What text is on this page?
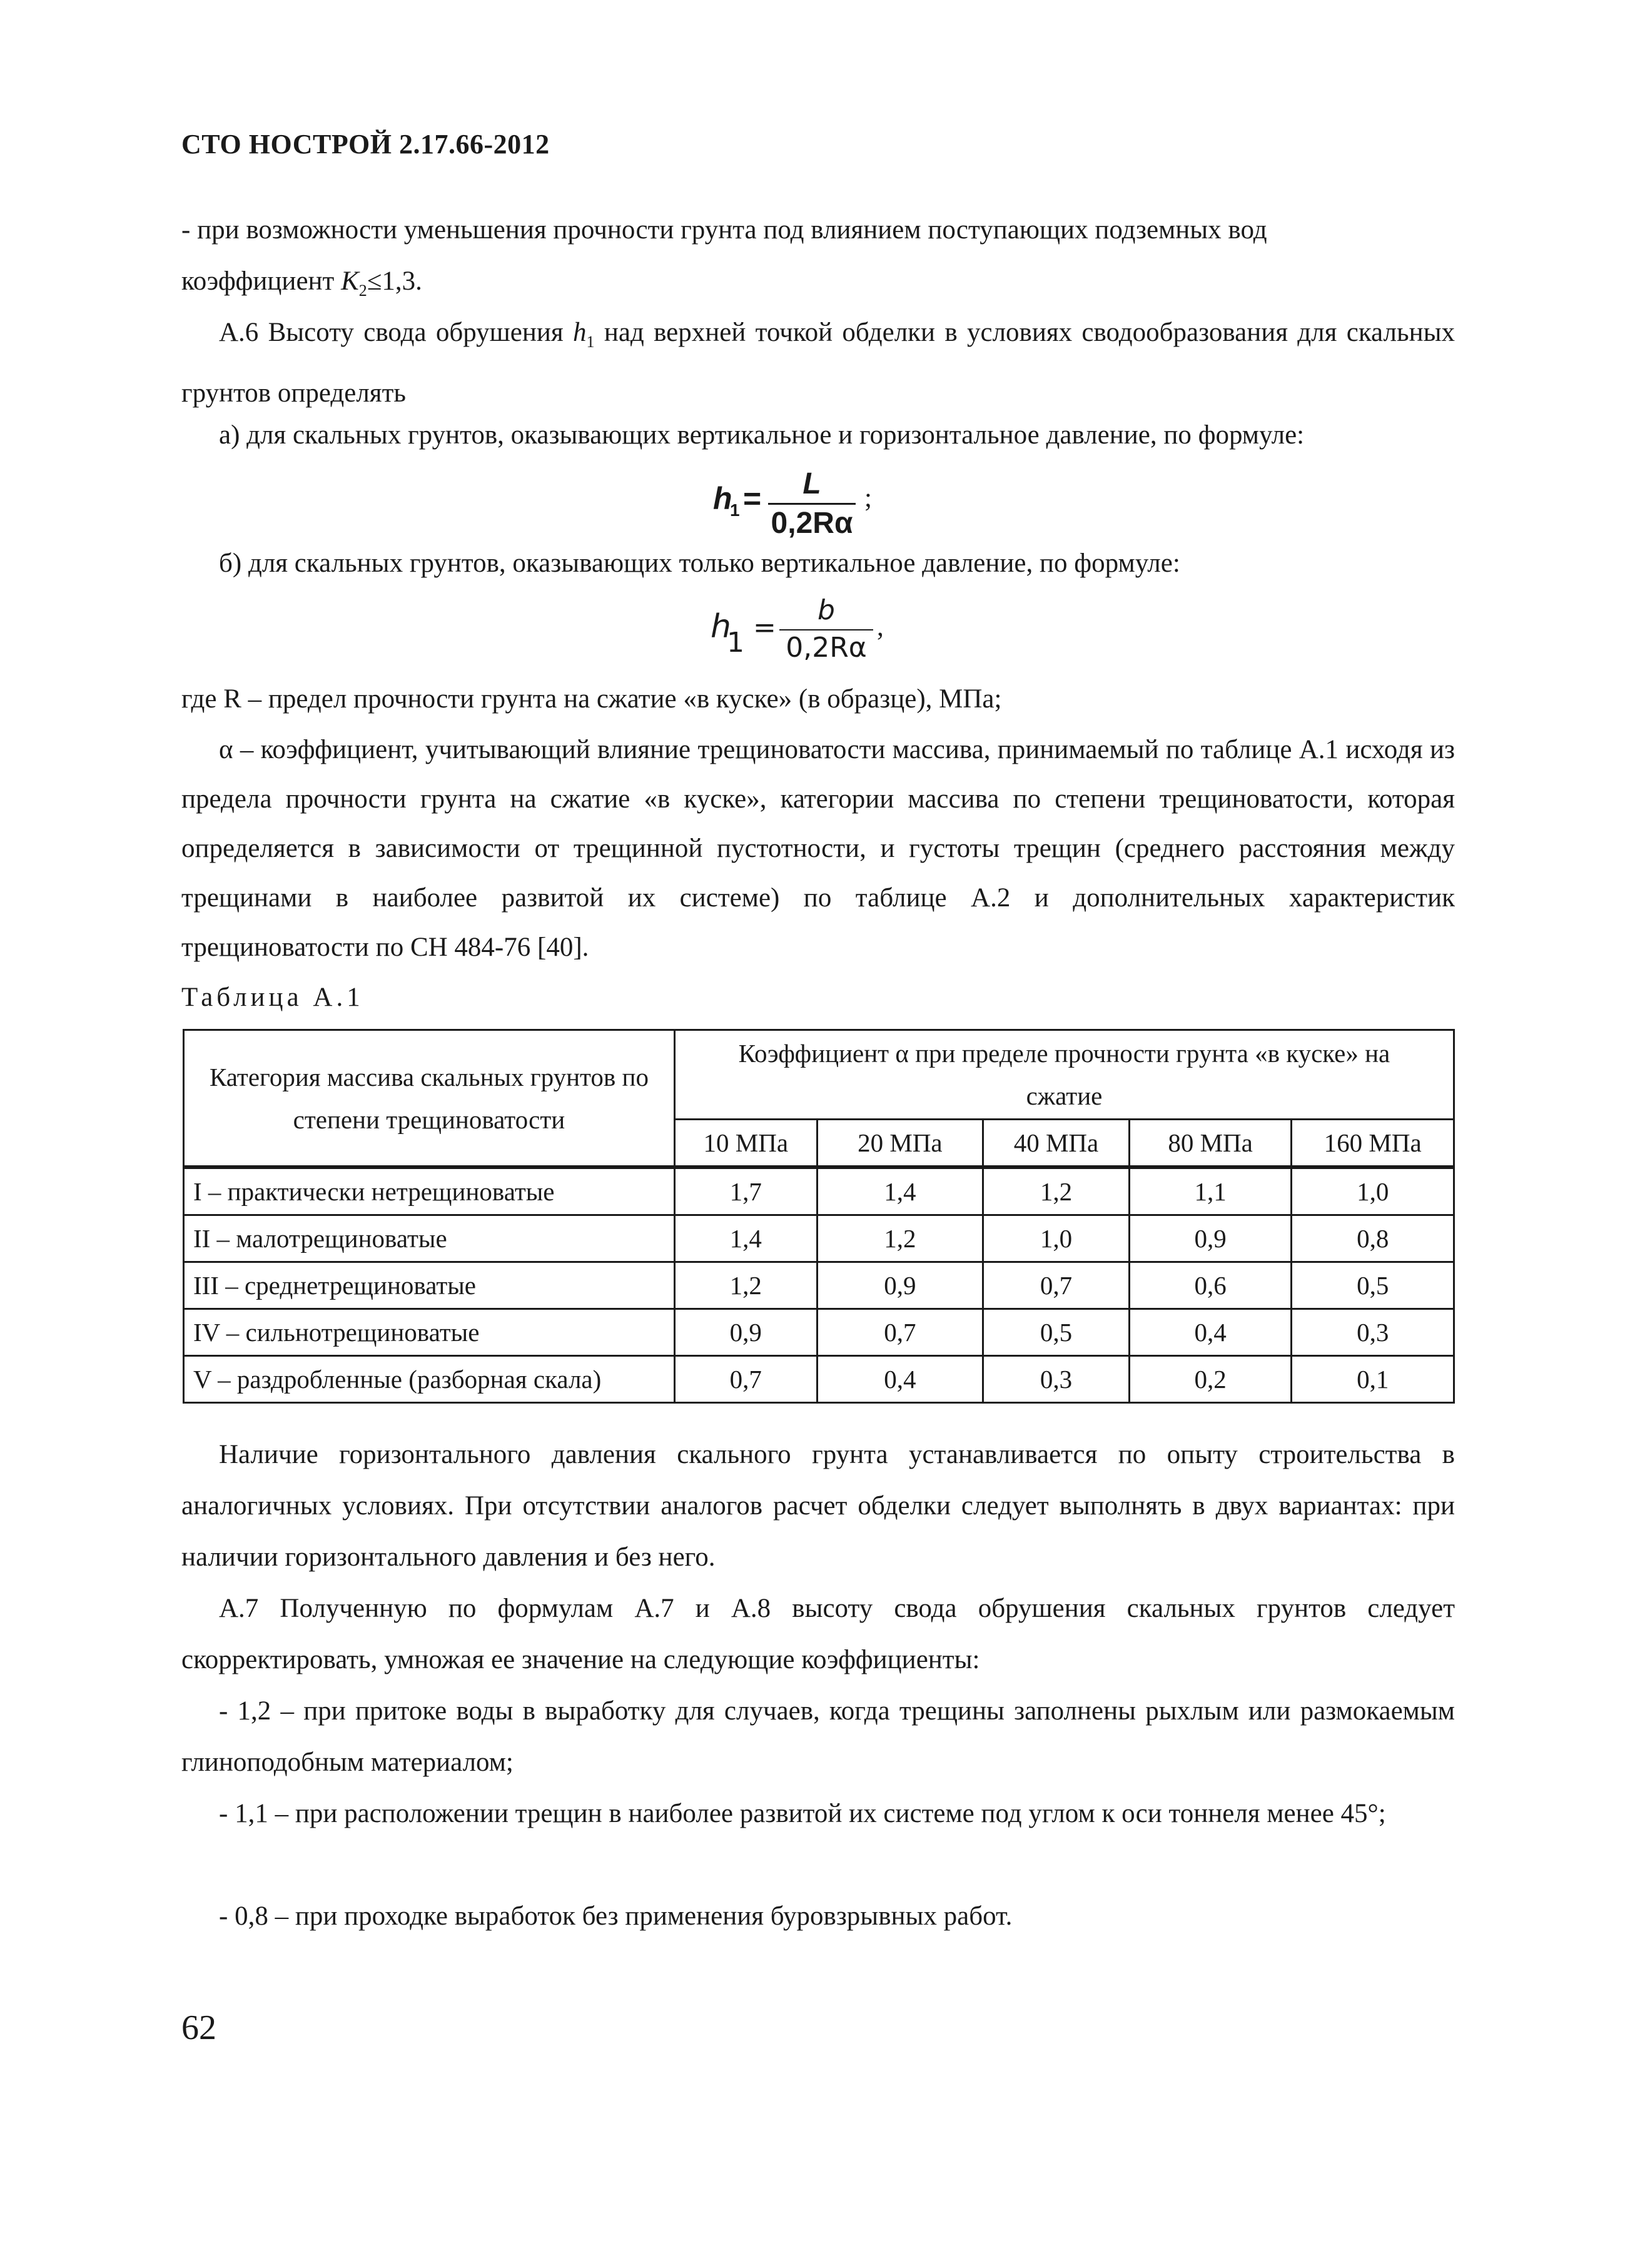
СТО НОСТРОЙ 2.17.66-2012
- при возможности уменьшения прочности грунта под влиянием поступающих подземных вод
коэффициент $K_2\le 1,3$.
А.6 Высоту свода обрушения $h_1$ над верхней точкой обделки в условиях сводообразования для скальных грунтов определять
а) для скальных грунтов, оказывающих вертикальное и горизонтальное давление, по формуле:
h
1 =	L
0,2Rα
;
б) для скальных грунтов, оказывающих только вертикальное давление, по формуле:
h
1 =
b
0,2Rα
,
где R – предел прочности грунта на сжатие «в куске» (в образце), МПа;
α – коэффициент, учитывающий влияние трещиноватости массива, принимаемый по таблице А.1 исходя из предела прочности грунта на сжатие «в куске», категории массива по степени трещиноватости, которая определяется в зависимости от трещинной пустотности, и густоты трещин (среднего расстояния между трещинами в наиболее развитой их системе) по таблице А.2 и дополнительных характеристик трещиноватости по СН 484-76 [40].
Таблица А.1
Категория массива скальных грунтов по степени трещиноватости	Коэффициент α при пределе прочности грунта «в куске» на сжатие				
	10 МПа	20 МПа	40 МПа	80 МПа	160 МПа
I – практически нетрещиноватые	1,7	1,4	1,2	1,1	1,0
II – малотрещиноватые	1,4	1,2	1,0	0,9	0,8
III – среднетрещиноватые	1,2	0,9	0,7	0,6	0,5
IV – сильнотрещиноватые	0,9	0,7	0,5	0,4	0,3
V – раздробленные (разборная скала)	0,7	0,4	0,3	0,2	0,1
Наличие горизонтального давления скального грунта устанавливается по опыту строительства в аналогичных условиях. При отсутствии аналогов расчет обделки следует выполнять в двух вариантах: при наличии горизонтального давления и без него.
А.7 Полученную по формулам А.7 и А.8 высоту свода обрушения скальных грунтов следует скорректировать, умножая ее значение на следующие коэффициенты:
- 1,2 – при притоке воды в выработку для случаев, когда трещины заполнены рыхлым или размокаемым глиноподобным материалом;
- 1,1 – при расположении трещин в наиболее развитой их системе под углом к оси тоннеля менее 45°;
- 0,8 – при проходке выработок без применения буровзрывных работ.
62
